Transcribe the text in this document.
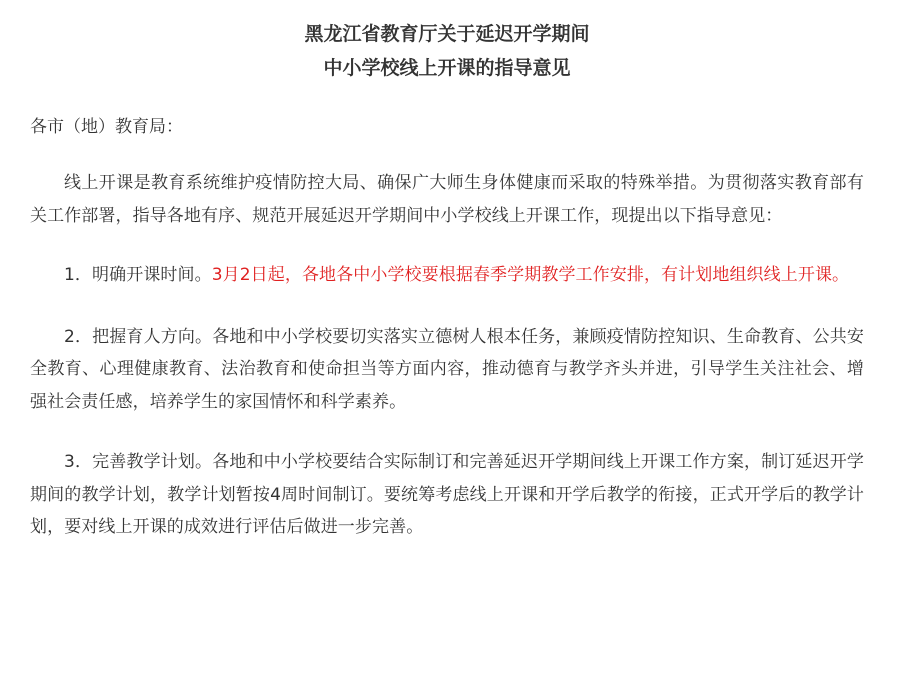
黑龙江省教育厅关于延迟开学期间
中小学校线上开课的指导意见

各市（地）教育局：

线上开课是教育系统维护疫情防控大局、确保广大师生身体健康而采取的特殊举措。为贯彻落实教育部有关工作部署，指导各地有序、规范开展延迟开学期间中小学校线上开课工作，现提出以下指导意见：

1．明确开课时间。3月2日起，各地各中小学校要根据春季学期教学工作安排，有计划地组织线上开课。

2．把握育人方向。各地和中小学校要切实落实立德树人根本任务，兼顾疫情防控知识、生命教育、公共安全教育、心理健康教育、法治教育和使命担当等方面内容，推动德育与教学齐头并进，引导学生关注社会、增强社会责任感，培养学生的家国情怀和科学素养。

3．完善教学计划。各地和中小学校要结合实际制订和完善延迟开学期间线上开课工作方案，制订延迟开学期间的教学计划，教学计划暂按4周时间制订。要统筹考虑线上开课和开学后教学的衔接，正式开学后的教学计划，要对线上开课的成效进行评估后做进一步完善。
